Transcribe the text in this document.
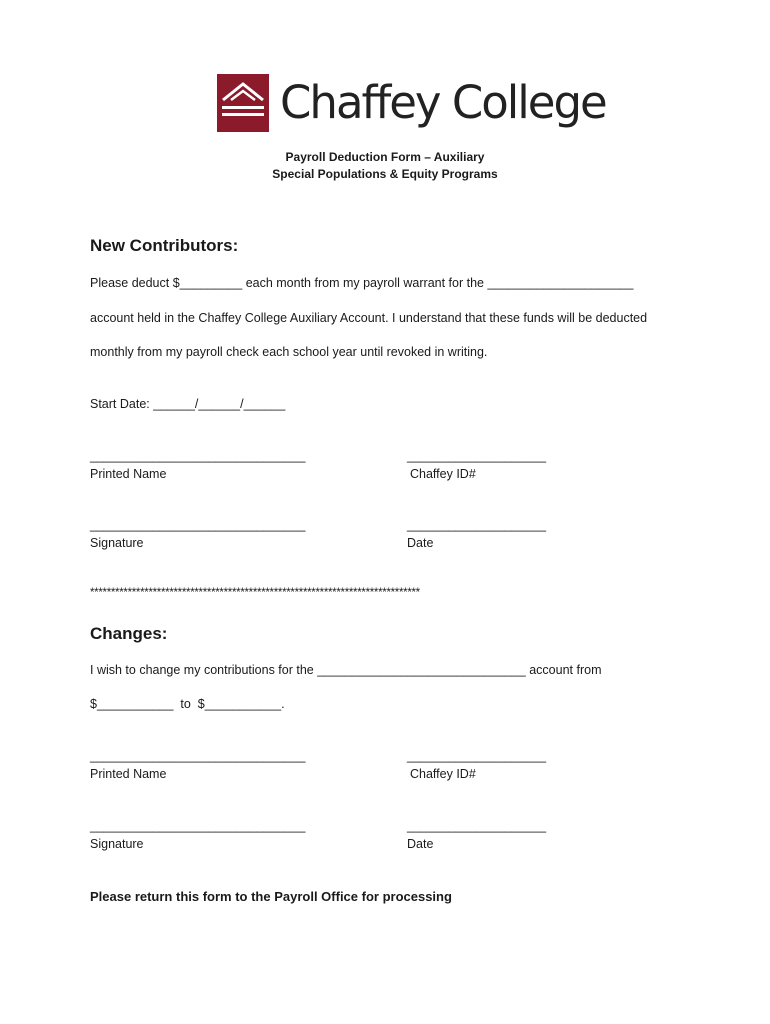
Chaffey College
Payroll Deduction Form – Auxiliary
Special Populations & Equity Programs
New Contributors:
Please deduct $_________ each month from my payroll warrant for the _____________________
account held in the Chaffey College Auxiliary Account. I understand that these funds will be deducted
monthly from my payroll check each school year until revoked in writing.
Start Date: ______/______/______
_______________________________	____________________
Printed Name	Chaffey ID#
_______________________________	____________________
Signature	Date
*******************************************************************************
Changes:
I wish to change my contributions for the ______________________________ account from
$___________  to  $___________.
_______________________________	____________________
Printed Name	Chaffey ID#
_______________________________	____________________
Signature	Date
Please return this form to the Payroll Office for processing
